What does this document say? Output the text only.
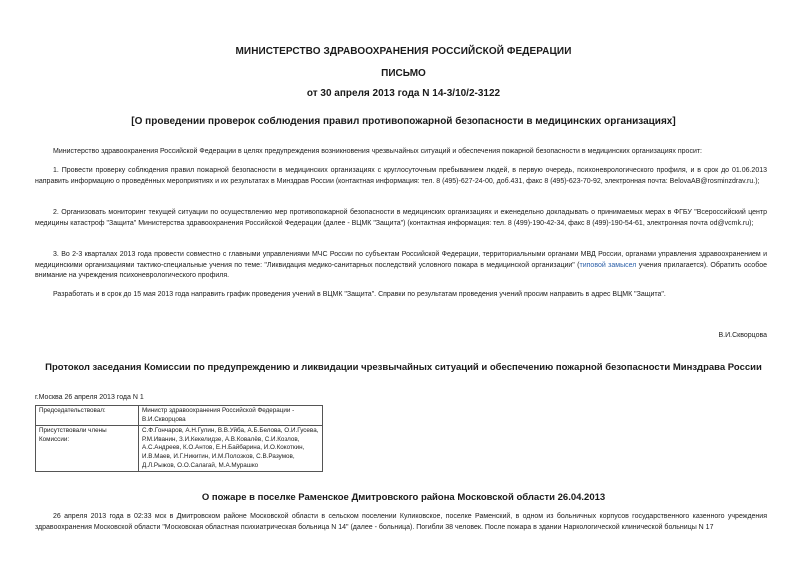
МИНИСТЕРСТВО ЗДРАВООХРАНЕНИЯ РОССИЙСКОЙ ФЕДЕРАЦИИ
ПИСЬМО
от 30 апреля 2013 года N 14-3/10/2-3122
[О проведении проверок соблюдения правил противопожарной безопасности в медицинских организациях]
Министерство здравоохранения Российской Федерации в целях предупреждения возникновения чрезвычайных ситуаций и обеспечения пожарной безопасности в медицинских организациях просит:
1. Провести проверку соблюдения правил пожарной безопасности в медицинских организациях с круглосуточным пребыванием людей, в первую очередь, психоневрологического профиля, и в срок до 01.06.2013 направить информацию о проведённых мероприятиях и их результатах в Минздрав России (контактная информация: тел. 8 (495)-627-24-00, доб.431, факс 8 (495)-623-70-92, электронная почта: BelovaAB@rosminzdrav.ru.);
2. Организовать мониторинг текущей ситуации по осуществлению мер противопожарной безопасности в медицинских организациях и еженедельно докладывать о принимаемых мерах в ФГБУ "Всероссийский центр медицины катастроф "Защита" Министерства здравоохранения Российской Федерации (далее - ВЦМК "Защита") (контактная информация: тел. 8 (499)-190-42-34, факс 8 (499)-190-54-61, электронная почта od@vcmk.ru);
3. Во 2-3 кварталах 2013 года провести совместно с главными управлениями МЧС России по субъектам Российской Федерации, территориальными органами МВД России, органами управления здравоохранением и медицинскими организациями тактико-специальные учения по теме: "Ликвидация медико-санитарных последствий условного пожара в медицинской организации" (типовой замысел учения прилагается). Обратить особое внимание на учреждения психоневрологического профиля.
Разработать и в срок до 15 мая 2013 года направить график проведения учений в ВЦМК "Защита". Справки по результатам проведения учений просим направить в адрес ВЦМК "Защита".
В.И.Скворцова
Протокол заседания Комиссии по предупреждению и ликвидации чрезвычайных ситуаций и обеспечению пожарной безопасности Минздрава России
г.Москва 26 апреля 2013 года N 1
Председательствовал:	Министр здравоохранения Российской Федерации - В.И.Скворцова
Присутствовали члены Комиссии:	С.Ф.Гончаров, А.Н.Гулин, В.В.Уйба, А.Б.Белова, О.И.Гусева, Р.М.Иванин, З.И.Кекелидзе, А.В.Ковалёв, С.И.Козлов, А.С.Андреев, К.О.Антов, Е.Н.Байбарина, И.О.Кокоткин, И.В.Маев, И.Г.Никитин, И.М.Полозков, С.В.Разумов, Д.Л.Рыжов, О.О.Салагай, М.А.Мурашко
О пожаре в поселке Раменское Дмитровского района Московской области 26.04.2013
26 апреля 2013 года в 02:33 мск в Дмитровском районе Московской области в сельском поселении Куликовское, поселке Раменский, в одном из больничных корпусов государственного казенного учреждения здравоохранения Московской области "Московская областная психиатрическая больница N 14" (далее - больница). Погибли 38 человек. После пожара в здании Наркологической клинической больницы N 17
